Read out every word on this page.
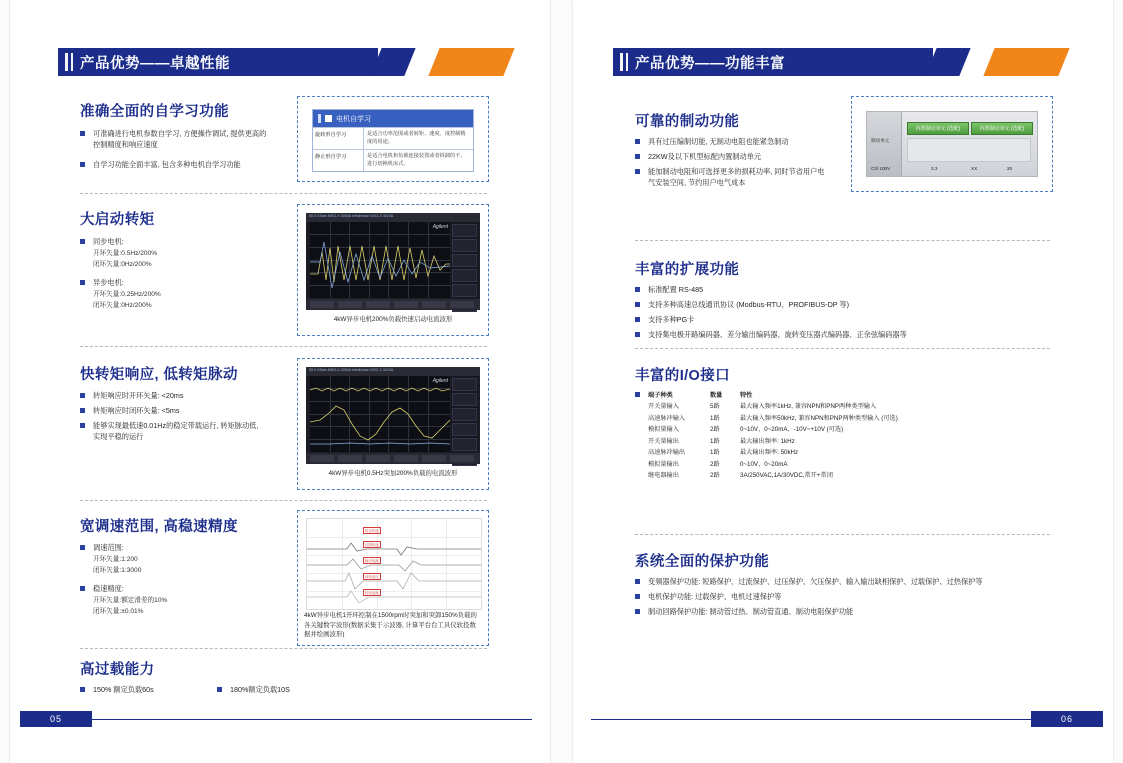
产品优势——卓越性能
准确全面的自学习功能
可准确进行电机参数自学习, 方便操作调试, 提供更高的控制精度和响应速度
自学习功能全面丰富, 包含多种电机自学习功能
电机自学习
旋转形自学习	是适合功率范围或者转矩、速度、度控制精度的用途。
静止形自学习	是适合电机和负载连接装置或者拆卸的不、进行切换机床式。
大启动转矩
同步电机:
开环矢量:0.5Hz/200%
闭环矢量:0Hz/200%
异步电机:
开环矢量:0.25Hz/200%
闭环矢量:0Hz/200%
50.0 GSa/s MSO-X 3054A Infiniivision DSO-X 3024A
Agilent
4kW异步电机200%负载快速启动电流波形
快转矩响应, 低转矩脉动
转矩响应时开环矢量: <20ms
转矩响应时闭环矢量: <5ms
能够实现最低速0.01Hz的稳定带载运行, 转矩脉动低, 实现平稳的运行
50.0 GSa/s MSO-X 3054A Infiniivision DSO-X 3024A
Agilent
4kW异步电机0.5Hz突加200%负载的电流波形
宽调速范围, 高稳速精度
调速范围:
开环矢量:1:200
闭环矢量:1:3000
稳速精度:
开环矢量:额定滑差的10%
闭环矢量:±0.01%
给定转速
反馈转速
输出电流
母线电压
转矩电流
4kW异步电机1开环控制在1500rpm时突加和突卸150%负载的各关键数字波形(数据采集于示波器, 计算平台台工具仪软投数据并绘画波形)
高过载能力
150% 额定负载60s	180%额定负载10S
05
产品优势——功能丰富
可靠的制动功能
具有过压编制切能, 无制动电阻也能紧急制动
22KW及以下机型标配内置制动单元
能加制动电阻和可选择更多的损耗功率, 同时节省用户电气安装空间, 节约用户电气成本
制动单元
内置制动单元 (选配)	内置制动单元 (选配)
Ctrl 100V	3.3	XX	20
丰富的扩展功能
标准配置 RS-485
支持多种高速总线通讯协议 (Modbus-RTU、PROFIBUS-DP 等)
支持多种PG卡
支持集电极开路编码器、差分输出编码器、旋转变压器式编码器、正余弦编码器等
丰富的I/O接口
端子种类	数量	特性
开关量输入	5路	最大输入频率1kHz, 兼容NPN和PNP两种类型输入
高速脉冲输入	1路	最大输入频率50kHz, 兼容NPN和PNP两种类型输入 (可选)
模拟量输入	2路	0~10V、0~20mA、-10V~+10V (可选)
开关量输出	1路	最大输出频率: 1kHz
高速脉冲输出	1路	最大输出频率: 50kHz
模拟量输出	2路	0~10V、0~20mA
继电器输出	2路	3A/250VAC,1A/30VDC,常开+常闭
系统全面的保护功能
变频器保护功能: 短路保护、过流保护、过压保护、欠压保护、输入输出缺相保护、过载保护、过热保护等
电机保护功能: 过载保护、电机过速保护等
制动回路保护功能: 制动管过热、制动管直通、制动电阻保护功能
06
